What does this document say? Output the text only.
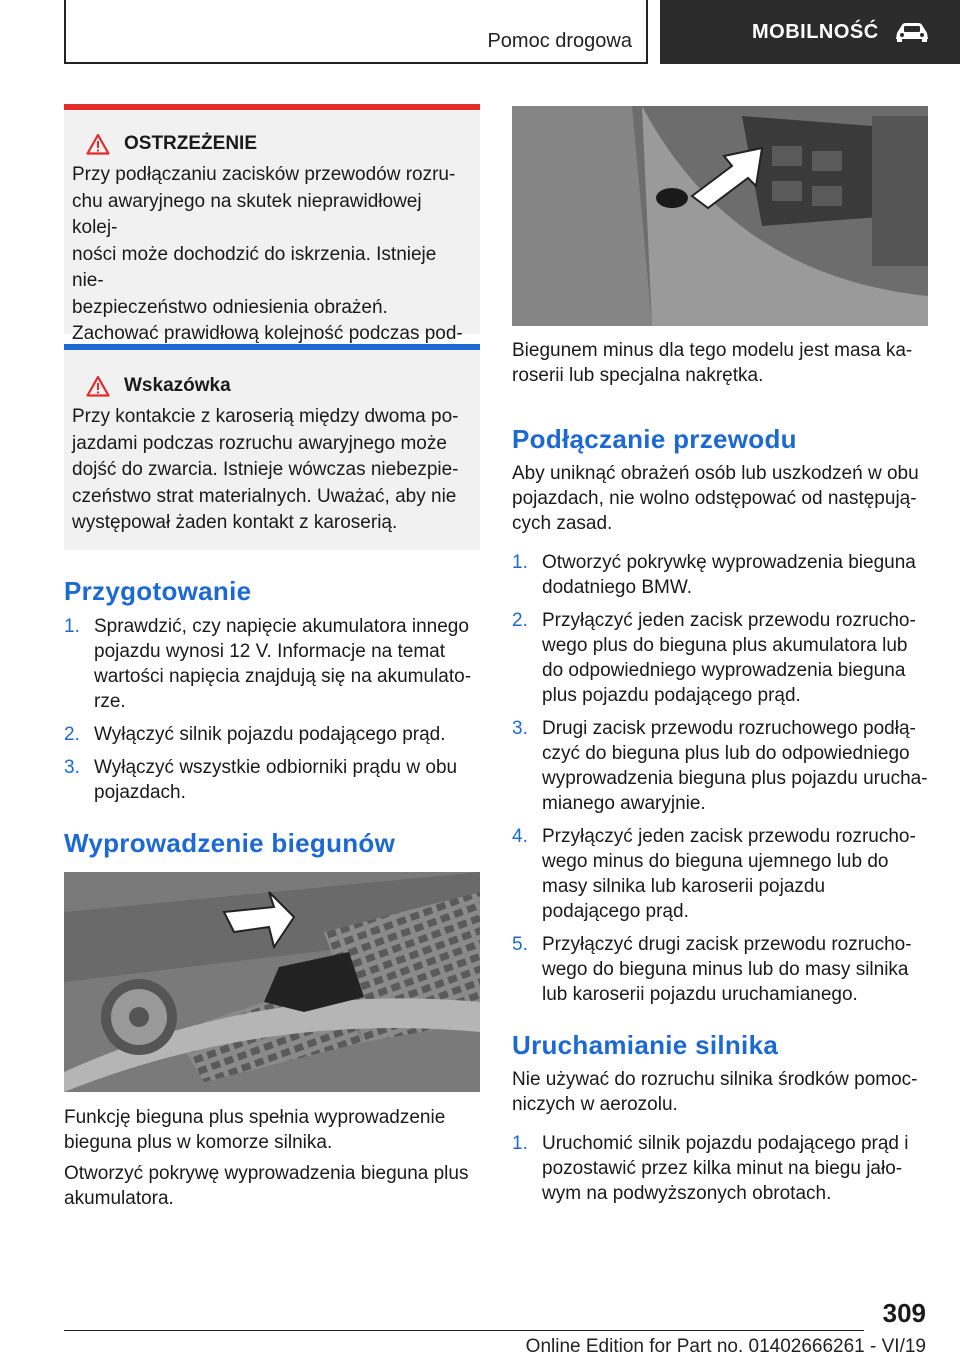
Pomoc drogowa	MOBILNOŚĆ
OSTRZEŻENIE
Przy podłączaniu zacisków przewodów rozru-
chu awaryjnego na skutek nieprawidłowej kolej-
ności może dochodzić do iskrzenia. Istnieje nie-
bezpieczeństwo odniesienia obrażeń.
Zachować prawidłową kolejność podczas pod-
Wskazówka
Przy kontakcie z karoserią między dwoma po-
jazdami podczas rozruchu awaryjnego może
dojść do zwarcia. Istnieje wówczas niebezpie-
czeństwo strat materialnych. Uważać, aby nie
występował żaden kontakt z karoserią.
Przygotowanie
1. Sprawdzić, czy napięcie akumulatora innego pojazdu wynosi 12 V. Informacje na temat wartości napięcia znajdują się na akumulato-rze.
2. Wyłączyć silnik pojazdu podającego prąd.
3. Wyłączyć wszystkie odbiorniki prądu w obu pojazdach.
Wyprowadzenie biegunów

Funkcję bieguna plus spełnia wyprowadzenie bieguna plus w komorze silnika.

Otworzyć pokrywę wyprowadzenia bieguna plus akumulatora.

Biegunem minus dla tego modelu jest masa ka-roserii lub specjalna nakrętka.

Podłączanie przewodu

Aby uniknąć obrażeń osób lub uszkodzeń w obu pojazdach, nie wolno odstępować od następują-cych zasad.

1. Otworzyć pokrywkę wyprowadzenia bieguna dodatniego BMW.
2. Przyłączyć jeden zacisk przewodu rozrucho-wego plus do bieguna plus akumulatora lub do odpowiedniego wyprowadzenia bieguna plus pojazdu podającego prąd.
3. Drugi zacisk przewodu rozruchowego podłą-czyć do bieguna plus lub do odpowiedniego wyprowadzenia bieguna plus pojazdu urucha-mianego awaryjnie.
4. Przyłączyć jeden zacisk przewodu rozrucho-wego minus do bieguna ujemnego lub do masy silnika lub karoserii pojazdu podającego prąd.
5. Przyłączyć drugi zacisk przewodu rozrucho-wego do bieguna minus lub do masy silnika lub karoserii pojazdu uruchamianego.
Uruchamianie silnika

Nie używać do rozruchu silnika środków pomoc-niczych w aerozolu.

1. Uruchomić silnik pojazdu podającego prąd i pozostawić przez kilka minut na biegu jało-wym na podwyższonych obrotach.
309
Online Edition for Part no. 01402666261 - VI/19
